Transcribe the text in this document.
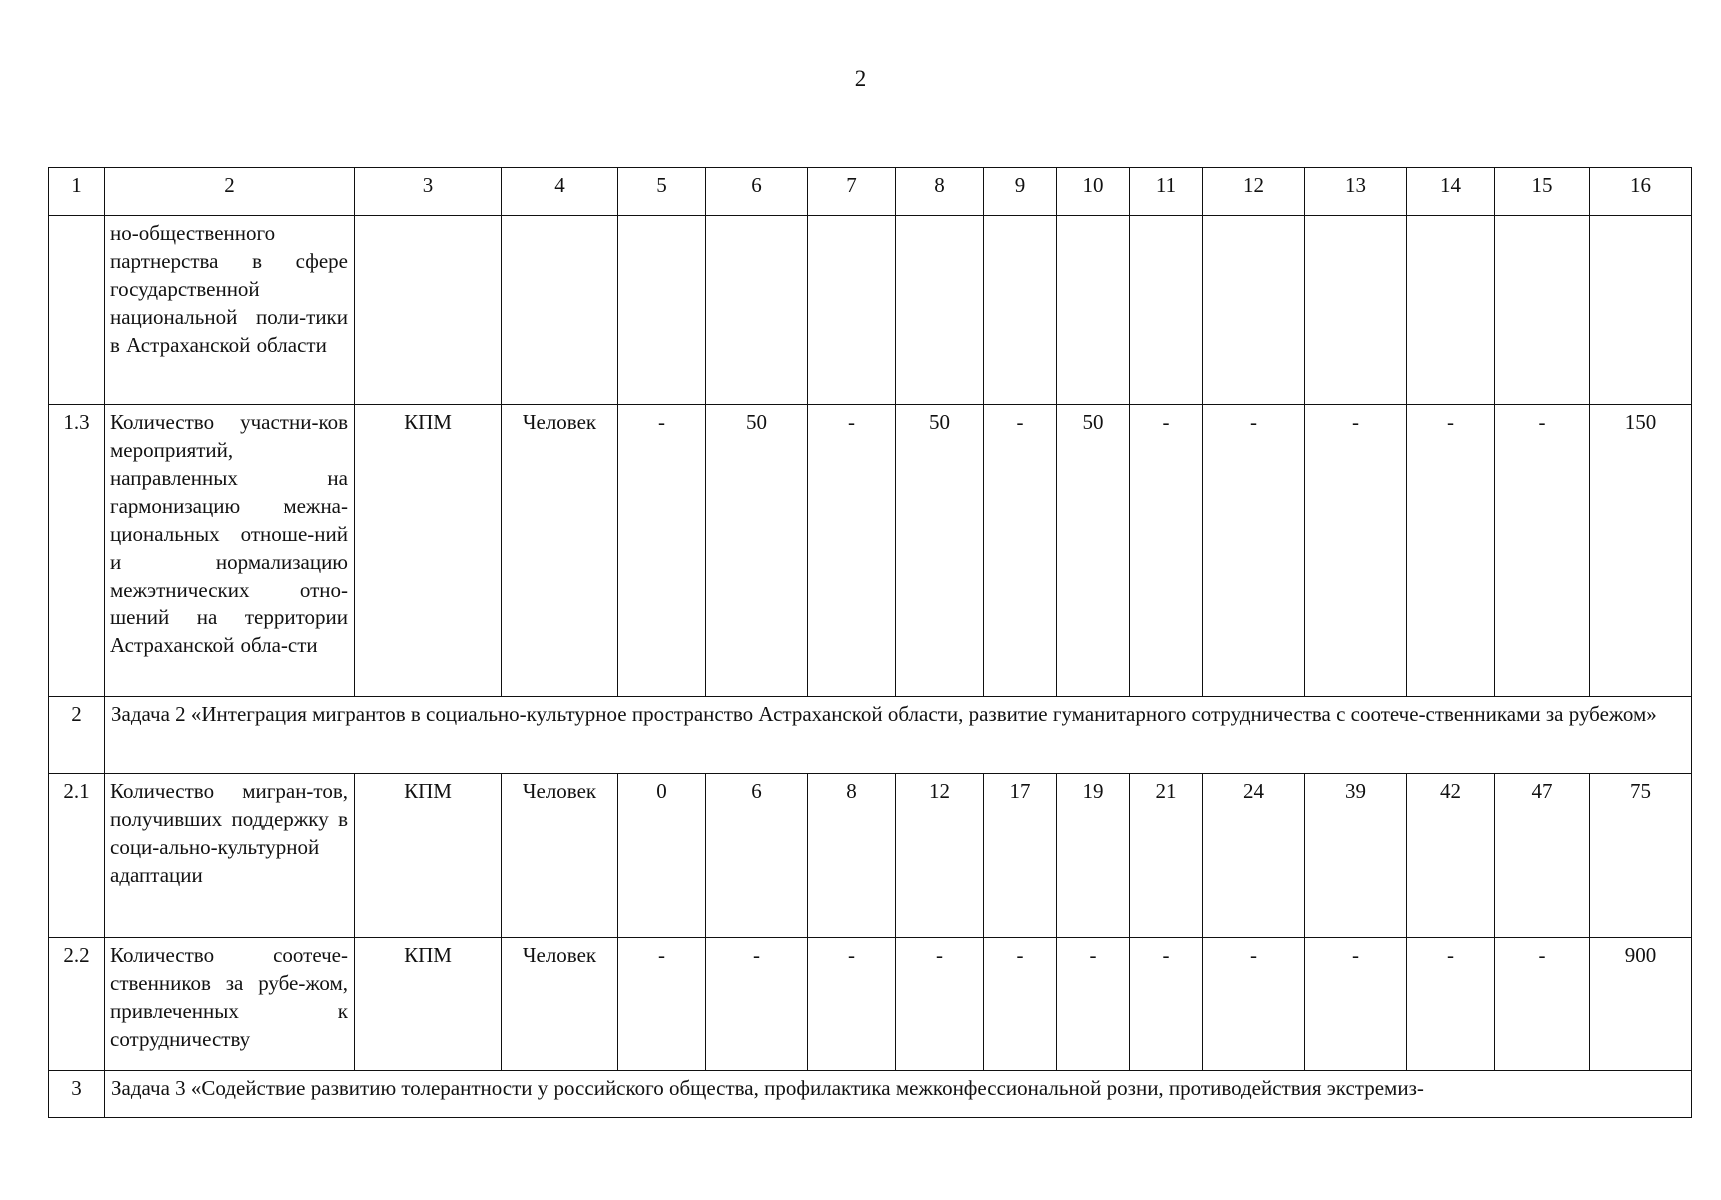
2
1	2	3	4	5	6	7	8	9	10	11	12	13	14	15	16
	но-общественного партнерства в сфере государственной национальной поли-тики в Астраханской области														
1.3	Количество участни-ков мероприятий, направленных на гармонизацию межна-циональных отноше-ний и нормализацию межэтнических отно-шений на территории Астраханской обла-сти	КПМ	Человек	-	50	-	50	-	50	-	-	-	-	-	150
2	Задача 2 «Интеграция мигрантов в социально-культурное пространство Астраханской области, развитие гуманитарного сотрудничества с соотече-ственниками за рубежом»														
2.1	Количество мигран-тов, получивших поддержку в соци-ально-культурной адаптации	КПМ	Человек	0	6	8	12	17	19	21	24	39	42	47	75
2.2	Количество соотече-ственников за рубе-жом, привлеченных к сотрудничеству	КПМ	Человек	-	-	-	-	-	-	-	-	-	-	-	900
3	Задача 3 «Содействие развитию толерантности у российского общества, профилактика межконфессиональной розни, противодействия экстремиз-														
